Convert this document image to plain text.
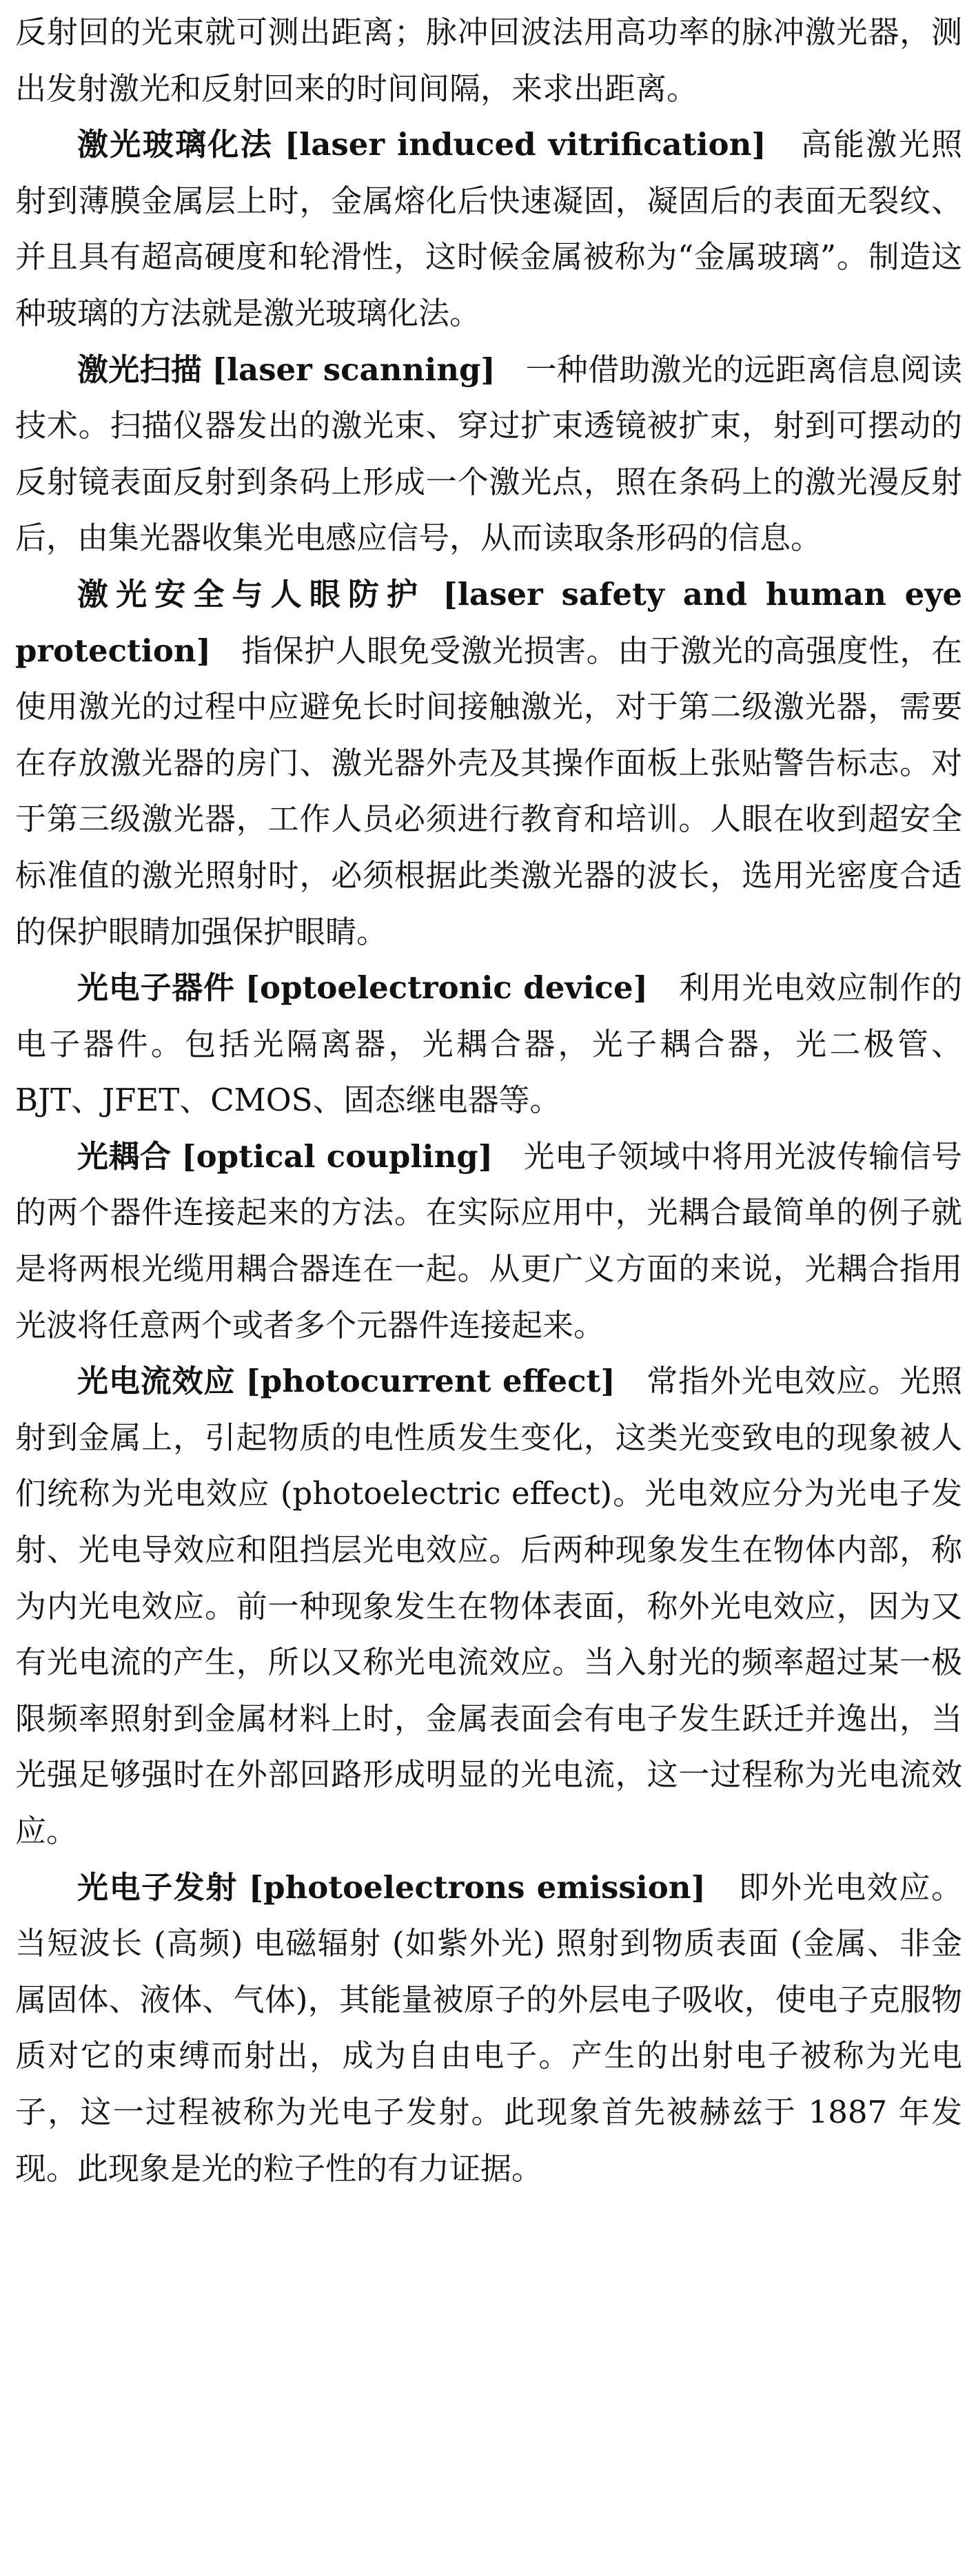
反射回的光束就可测出距离；脉冲回波法用高功率的脉冲激光器，测出发射激光和反射回来的时间间隔，来求出距离。

激光玻璃化法 [laser induced vitrification] 高能激光照射到薄膜金属层上时，金属熔化后快速凝固，凝固后的表面无裂纹、并且具有超高硬度和轮滑性，这时候金属被称为“金属玻璃”。制造这种玻璃的方法就是激光玻璃化法。

激光扫描 [laser scanning] 一种借助激光的远距离信息阅读技术。扫描仪器发出的激光束、穿过扩束透镜被扩束，射到可摆动的反射镜表面反射到条码上形成一个激光点，照在条码上的激光漫反射后，由集光器收集光电感应信号，从而读取条形码的信息。

激光安全与人眼防护 [laser safety and human eye protection] 指保护人眼免受激光损害。由于激光的高强度性，在使用激光的过程中应避免长时间接触激光，对于第二级激光器，需要在存放激光器的房门、激光器外壳及其操作面板上张贴警告标志。对于第三级激光器，工作人员必须进行教育和培训。人眼在收到超安全标准值的激光照射时，必须根据此类激光器的波长，选用光密度合适的保护眼睛加强保护眼睛。

光电子器件 [optoelectronic device] 利用光电效应制作的电子器件。包括光隔离器，光耦合器，光子耦合器，光二极管、BJT、JFET、CMOS、固态继电器等。

光耦合 [optical coupling] 光电子领域中将用光波传输信号的两个器件连接起来的方法。在实际应用中，光耦合最简单的例子就是将两根光缆用耦合器连在一起。从更广义方面的来说，光耦合指用光波将任意两个或者多个元器件连接起来。

光电流效应 [photocurrent effect] 常指外光电效应。光照射到金属上，引起物质的电性质发生变化，这类光变致电的现象被人们统称为光电效应 (photoelectric effect)。光电效应分为光电子发射、光电导效应和阻挡层光电效应。后两种现象发生在物体内部，称为内光电效应。前一种现象发生在物体表面，称外光电效应，因为又有光电流的产生，所以又称光电流效应。当入射光的频率超过某一极限频率照射到金属材料上时，金属表面会有电子发生跃迁并逸出，当光强足够强时在外部回路形成明显的光电流，这一过程称为光电流效应。

光电子发射 [photoelectrons emission] 即外光电效应。当短波长 (高频) 电磁辐射 (如紫外光) 照射到物质表面 (金属、非金属固体、液体、气体)，其能量被原子的外层电子吸收，使电子克服物质对它的束缚而射出，成为自由电子。产生的出射电子被称为光电子，这一过程被称为光电子发射。此现象首先被赫兹于 1887 年发现。此现象是光的粒子性的有力证据。
